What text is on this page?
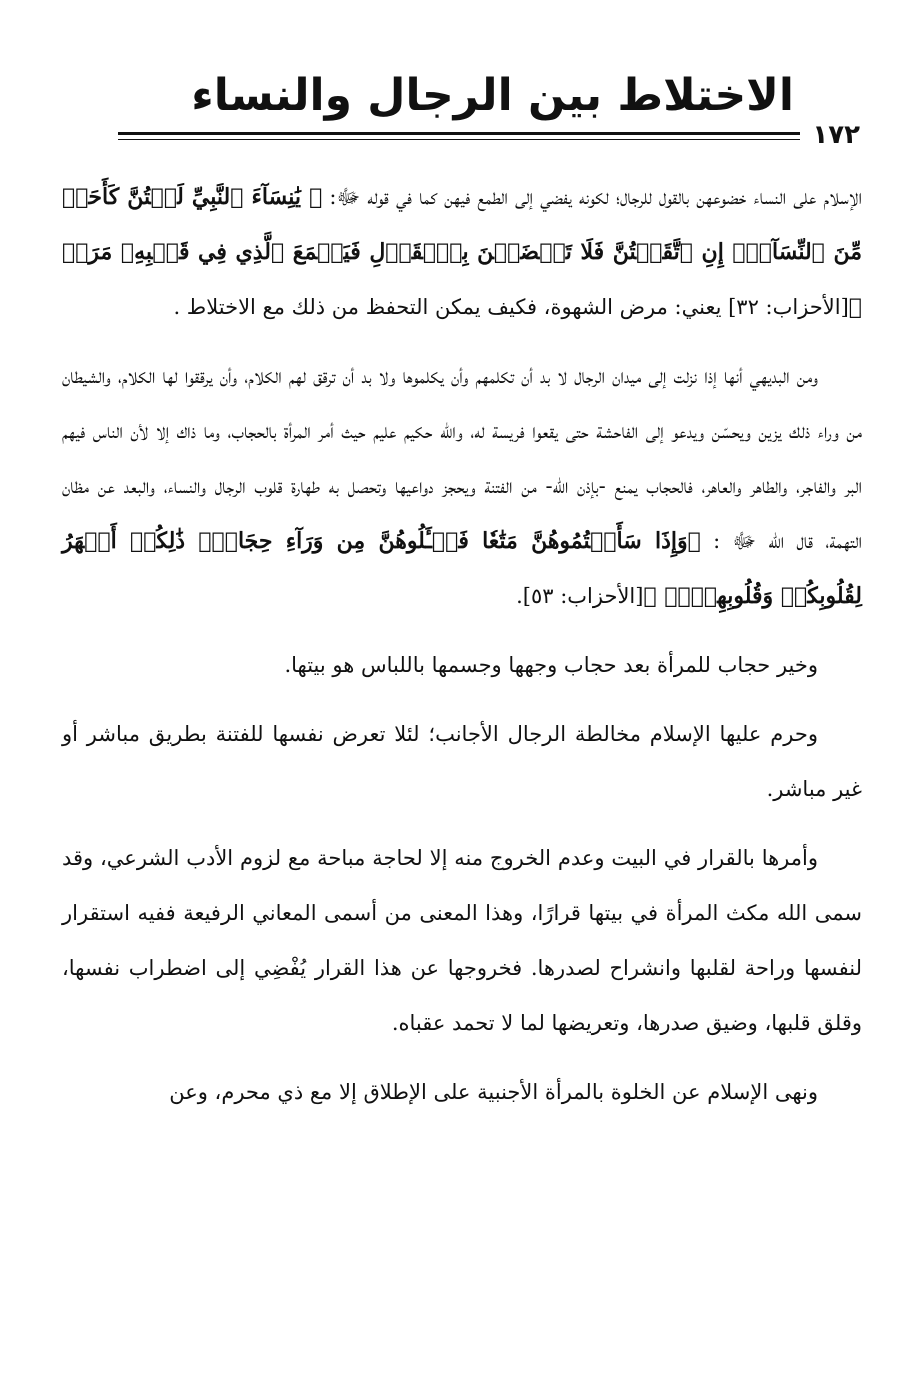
الاختلاط بين الرجال والنساء
١٧٢

الإسلام على النساء خضوعهن بالقول للرجال؛ لكونه يفضي إلى الطمع فيهن كما في قوله ﷻ: ﴿ يَٰنِسَآءَ ٱلنَّبِيِّ لَسۡتُنَّ كَأَحَدٖ مِّنَ ٱلنِّسَآءِۚ إِنِ ٱتَّقَيۡتُنَّ فَلَا تَخۡضَعۡنَ بِٱلۡقَوۡلِ فَيَطۡمَعَ ٱلَّذِي فِي قَلۡبِهِۦ مَرَضٞ ﴾[الأحزاب: ٣٢] يعني: مرض الشهوة، فكيف يمكن التحفظ من ذلك مع الاختلاط .

ومن البديهي أنها إذا نزلت إلى ميدان الرجال لا بد أن تكلمهم وأن يكلموها ولا بد أن ترقق لهم الكلام، وأن يرققوا لها الكلام، والشيطان من وراء ذلك يزين ويحسّن ويدعو إلى الفاحشة حتى يقعوا فريسة له، والله حكيم عليم حيث أمر المرأة بالحجاب، وما ذاك إلا لأن الناس فيهم البر والفاجر، والطاهر والعاهر، فالحجاب يمنع -بإذن الله- من الفتنة ويحجز دواعيها وتحصل به طهارة قلوب الرجال والنساء، والبعد عن مظان التهمة، قال الله ﷻ : ﴿وَإِذَا سَأَلۡتُمُوهُنَّ مَتَٰعٗا فَسۡـَٔلُوهُنَّ مِن وَرَآءِ حِجَابٖۚ ذَٰلِكُمۡ أَطۡهَرُ لِقُلُوبِكُمۡ وَقُلُوبِهِنَّۚ ﴾[الأحزاب: ٥٣].

وخير حجاب للمرأة بعد حجاب وجهها وجسمها باللباس هو بيتها.

وحرم عليها الإسلام مخالطة الرجال الأجانب؛ لئلا تعرض نفسها للفتنة بطريق مباشر أو غير مباشر.

وأمرها بالقرار في البيت وعدم الخروج منه إلا لحاجة مباحة مع لزوم الأدب الشرعي، وقد سمى الله مكث المرأة في بيتها قرارًا، وهذا المعنى من أسمى المعاني الرفيعة ففيه استقرار لنفسها وراحة لقلبها وانشراح لصدرها. فخروجها عن هذا القرار يُفْضِي إلى اضطراب نفسها، وقلق قلبها، وضيق صدرها، وتعريضها لما لا تحمد عقباه.

ونهى الإسلام عن الخلوة بالمرأة الأجنبية على الإطلاق إلا مع ذي محرم، وعن
